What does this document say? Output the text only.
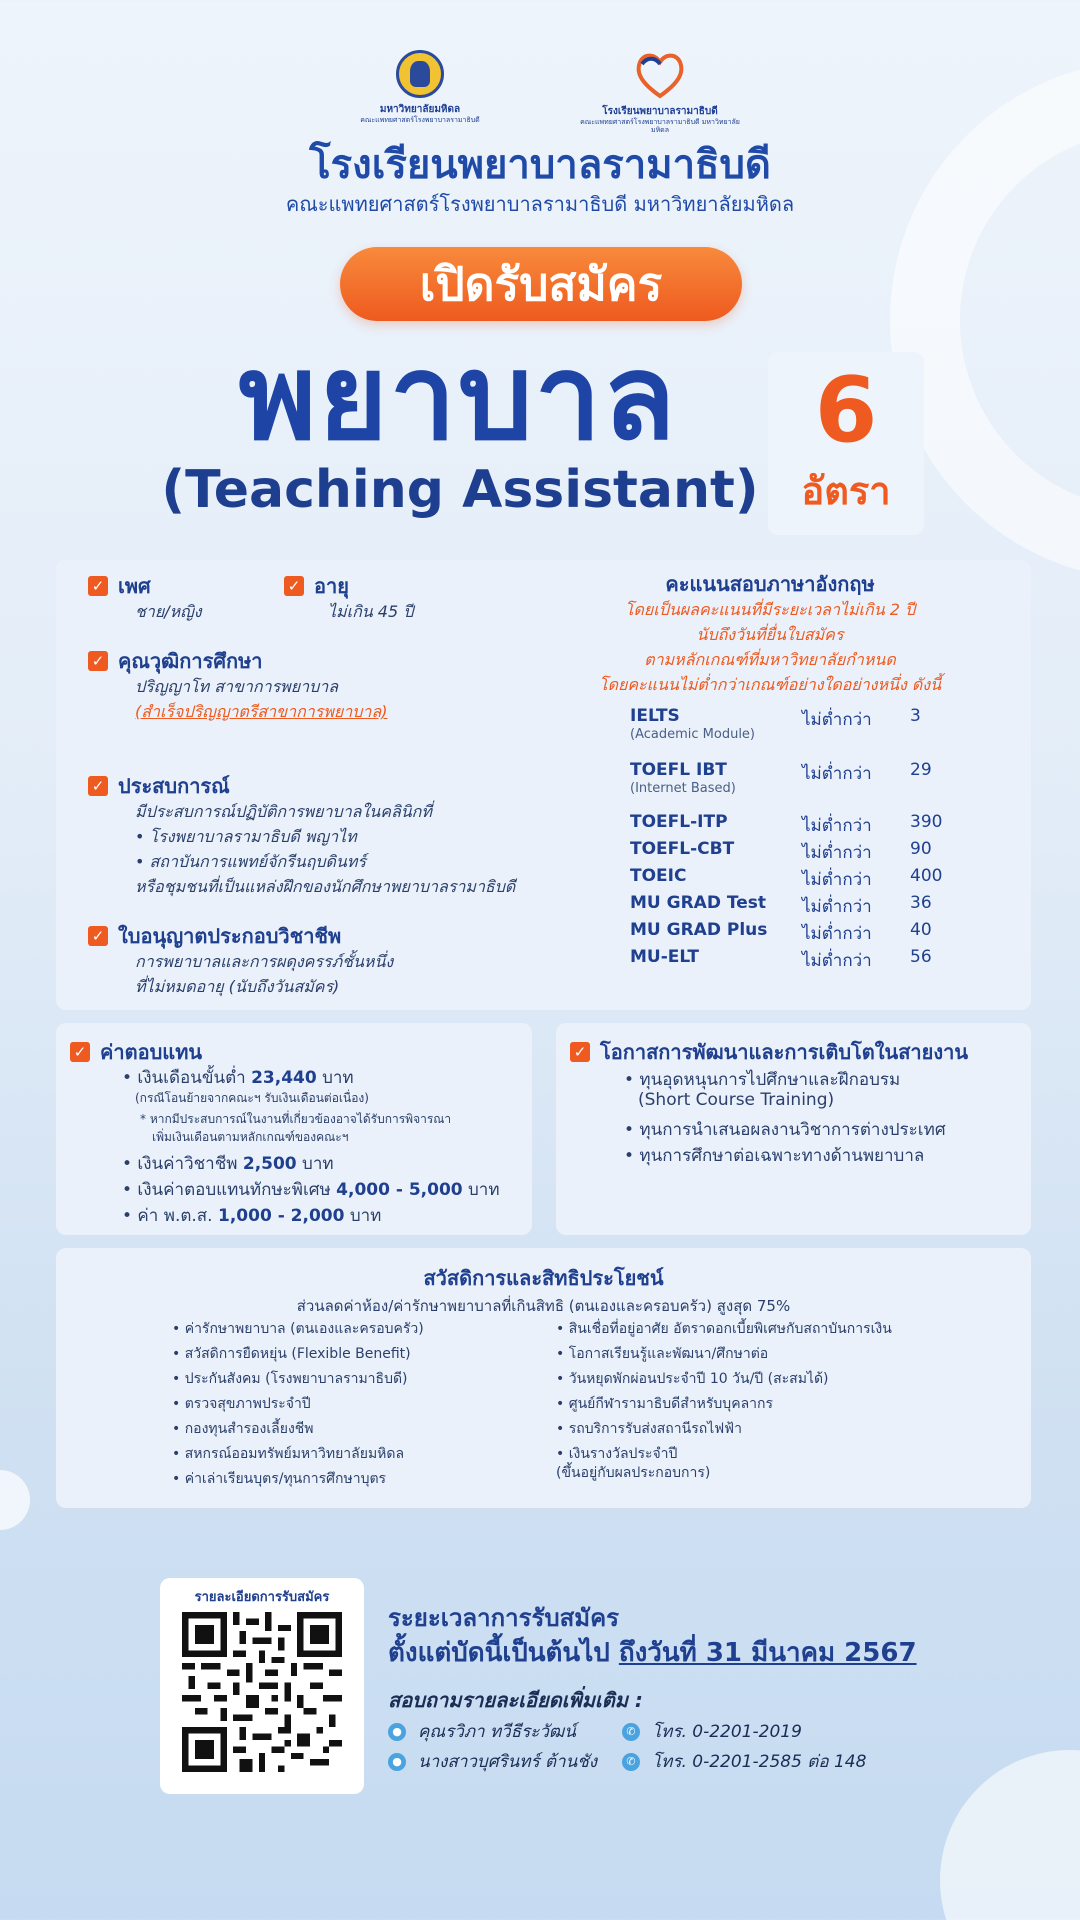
มหาวิทยาลัยมหิดล
คณะแพทยศาสตร์โรงพยาบาลรามาธิบดี
โรงเรียนพยาบาลรามาธิบดี
คณะแพทยศาสตร์โรงพยาบาลรามาธิบดี มหาวิทยาลัยมหิดล
โรงเรียนพยาบาลรามาธิบดี
คณะแพทยศาสตร์โรงพยาบาลรามาธิบดี มหาวิทยาลัยมหิดล
เปิดรับสมัคร
พยาบาล
(Teaching Assistant)
6
อัตรา
✓ เพศ
ชาย/หญิง
✓ อายุ
ไม่เกิน 45 ปี
✓ คุณวุฒิการศึกษา
ปริญญาโท สาขาการพยาบาล
(สำเร็จปริญญาตรีสาขาการพยาบาล)
✓ ประสบการณ์
มีประสบการณ์ปฏิบัติการพยาบาลในคลินิกที่
• โรงพยาบาลรามาธิบดี พญาไท
• สถาบันการแพทย์จักรีนฤบดินทร์
หรือชุมชนที่เป็นแหล่งฝึกของนักศึกษาพยาบาลรามาธิบดี
✓ ใบอนุญาตประกอบวิชาชีพ
การพยาบาลและการผดุงครรภ์ชั้นหนึ่ง
ที่ไม่หมดอายุ (นับถึงวันสมัคร)
คะแนนสอบภาษาอังกฤษ
โดยเป็นผลคะแนนที่มีระยะเวลาไม่เกิน 2 ปี
นับถึงวันที่ยื่นใบสมัคร
ตามหลักเกณฑ์ที่มหาวิทยาลัยกำหนด
โดยคะแนนไม่ต่ำกว่าเกณฑ์อย่างใดอย่างหนึ่ง ดังนี้
IELTS	ไม่ต่ำกว่า	3
(Academic Module)
TOEFL IBT	ไม่ต่ำกว่า	29
(Internet Based)
TOEFL-ITP	ไม่ต่ำกว่า	390
TOEFL-CBT	ไม่ต่ำกว่า	90
TOEIC	ไม่ต่ำกว่า	400
MU GRAD Test	ไม่ต่ำกว่า	36
MU GRAD Plus	ไม่ต่ำกว่า	40
MU-ELT	ไม่ต่ำกว่า	56
✓ ค่าตอบแทน
• เงินเดือนขั้นต่ำ 23,440 บาท
(กรณีโอนย้ายจากคณะฯ รับเงินเดือนต่อเนื่อง)
* หากมีประสบการณ์ในงานที่เกี่ยวข้องอาจได้รับการพิจารณา
เพิ่มเงินเดือนตามหลักเกณฑ์ของคณะฯ
• เงินค่าวิชาชีพ 2,500 บาท
• เงินค่าตอบแทนทักษะพิเศษ 4,000 - 5,000 บาท
• ค่า พ.ต.ส. 1,000 - 2,000 บาท
✓ โอกาสการพัฒนาและการเติบโตในสายงาน
• ทุนอุดหนุนการไปศึกษาและฝึกอบรม
(Short Course Training)
• ทุนการนำเสนอผลงานวิชาการต่างประเทศ
• ทุนการศึกษาต่อเฉพาะทางด้านพยาบาล
สวัสดิการและสิทธิประโยชน์
ส่วนลดค่าห้อง/ค่ารักษาพยาบาลที่เกินสิทธิ (ตนเองและครอบครัว) สูงสุด 75%
• ค่ารักษาพยาบาล (ตนเองและครอบครัว)
• สวัสดิการยืดหยุ่น (Flexible Benefit)
• ประกันสังคม (โรงพยาบาลรามาธิบดี)
• ตรวจสุขภาพประจำปี
• กองทุนสำรองเลี้ยงชีพ
• สหกรณ์ออมทรัพย์มหาวิทยาลัยมหิดล
• ค่าเล่าเรียนบุตร/ทุนการศึกษาบุตร
• สินเชื่อที่อยู่อาศัย อัตราดอกเบี้ยพิเศษกับสถาบันการเงิน
• โอกาสเรียนรู้และพัฒนา/ศึกษาต่อ
• วันหยุดพักผ่อนประจำปี 10 วัน/ปี (สะสมได้)
• ศูนย์กีฬารามาธิบดีสำหรับบุคลากร
• รถบริการรับส่งสถานีรถไฟฟ้า
• เงินรางวัลประจำปี
(ขึ้นอยู่กับผลประกอบการ)
รายละเอียดการรับสมัคร
ระยะเวลาการรับสมัคร
ตั้งแต่บัดนี้เป็นต้นไป ถึงวันที่ 31 มีนาคม 2567
สอบถามรายละเอียดเพิ่มเติม :
● คุณรวิภา ทวีธีระวัฒน์	✆ โทร. 0-2201-2019
● นางสาวบุศรินทร์ ต้านชัง	✆ โทร. 0-2201-2585 ต่อ 148
